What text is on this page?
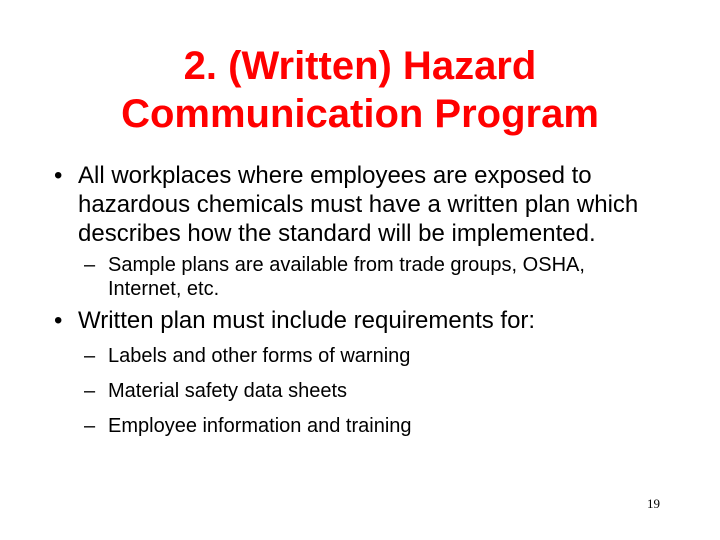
2. (Written) Hazard
Communication Program
• All workplaces where employees are exposed to hazardous chemicals must have a written plan which describes how the standard will be implemented.
– Sample plans are available from trade groups, OSHA, Internet, etc.
• Written plan must include requirements for:
– Labels and other forms of warning
– Material safety data sheets
– Employee information and training
19
